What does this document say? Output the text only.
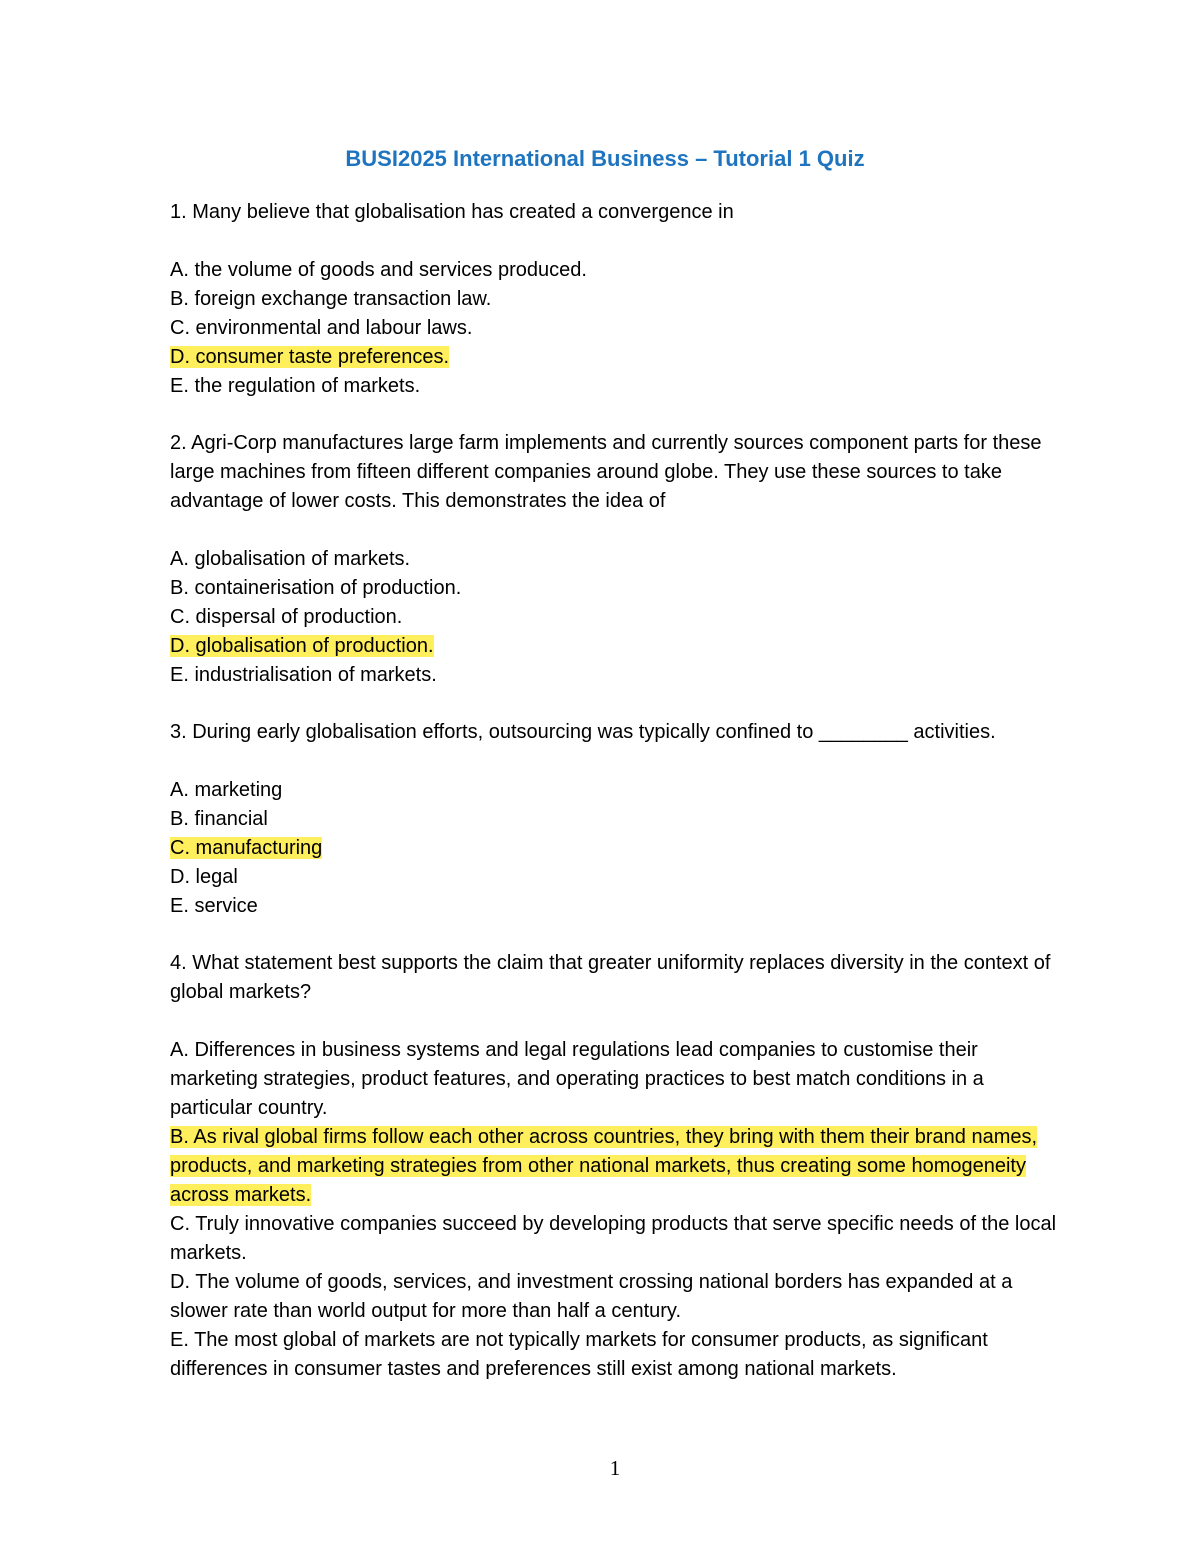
BUSI2025 International Business – Tutorial 1 Quiz
1. Many believe that globalisation has created a convergence in
A. the volume of goods and services produced.
B. foreign exchange transaction law.
C. environmental and labour laws.
D. consumer taste preferences.
E. the regulation of markets.
2. Agri-Corp manufactures large farm implements and currently sources component parts for these large machines from fifteen different companies around globe. They use these sources to take advantage of lower costs. This demonstrates the idea of
A. globalisation of markets.
B. containerisation of production.
C. dispersal of production.
D. globalisation of production.
E. industrialisation of markets.
3. During early globalisation efforts, outsourcing was typically confined to ________ activities.
A. marketing
B. financial
C. manufacturing
D. legal
E. service
4. What statement best supports the claim that greater uniformity replaces diversity in the context of global markets?
A. Differences in business systems and legal regulations lead companies to customise their marketing strategies, product features, and operating practices to best match conditions in a particular country.
B. As rival global firms follow each other across countries, they bring with them their brand names, products, and marketing strategies from other national markets, thus creating some homogeneity across markets.
C. Truly innovative companies succeed by developing products that serve specific needs of the local markets.
D. The volume of goods, services, and investment crossing national borders has expanded at a slower rate than world output for more than half a century.
E. The most global of markets are not typically markets for consumer products, as significant differences in consumer tastes and preferences still exist among national markets.
1
